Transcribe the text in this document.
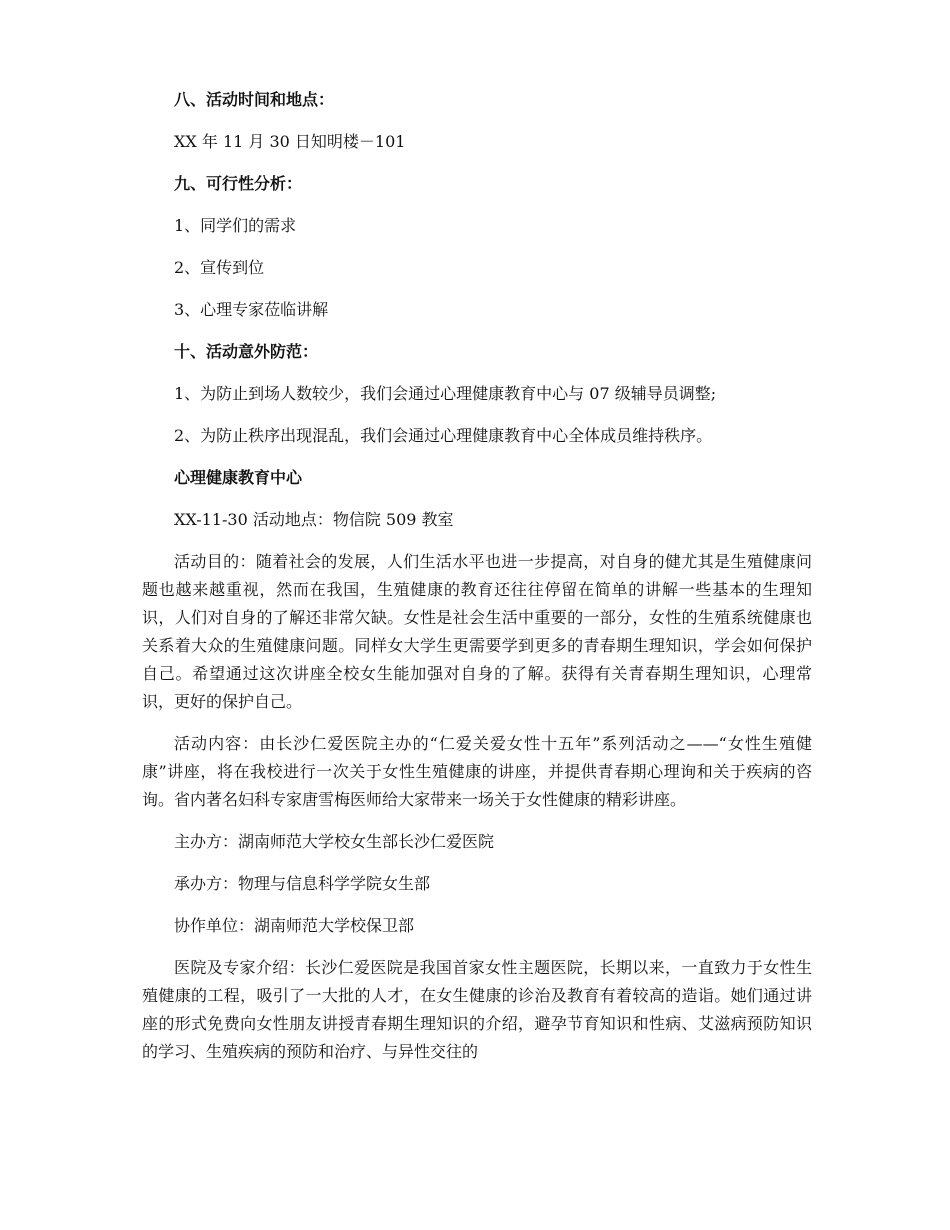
八、活动时间和地点：

XX 年 11 月 30 日知明楼－101

九、可行性分析：

1、同学们的需求

2、宣传到位

3、心理专家莅临讲解

十、活动意外防范：

1、为防止到场人数较少，我们会通过心理健康教育中心与 07 级辅导员调整;

2、为防止秩序出现混乱，我们会通过心理健康教育中心全体成员维持秩序。

心理健康教育中心

XX-11-30 活动地点：物信院 509 教室

活动目的：随着社会的发展，人们生活水平也进一步提高，对自身的健尤其是生殖健康问题也越来越重视，然而在我国，生殖健康的教育还往往停留在简单的讲解一些基本的生理知识，人们对自身的了解还非常欠缺。女性是社会生活中重要的一部分，女性的生殖系统健康也关系着大众的生殖健康问题。同样女大学生更需要学到更多的青春期生理知识，学会如何保护自己。希望通过这次讲座全校女生能加强对自身的了解。获得有关青春期生理知识，心理常识，更好的保护自己。

活动内容：由长沙仁爱医院主办的“仁爱关爱女性十五年”系列活动之——“女性生殖健康”讲座，将在我校进行一次关于女性生殖健康的讲座，并提供青春期心理询和关于疾病的咨询。省内著名妇科专家唐雪梅医师给大家带来一场关于女性健康的精彩讲座。

主办方：湖南师范大学校女生部长沙仁爱医院

承办方：物理与信息科学学院女生部

协作单位：湖南师范大学校保卫部

医院及专家介绍：长沙仁爱医院是我国首家女性主题医院，长期以来，一直致力于女性生殖健康的工程，吸引了一大批的人才，在女生健康的诊治及教育有着较高的造诣。她们通过讲座的形式免费向女性朋友讲授青春期生理知识的介绍，避孕节育知识和性病、艾滋病预防知识的学习、生殖疾病的预防和治疗、与异性交往的
